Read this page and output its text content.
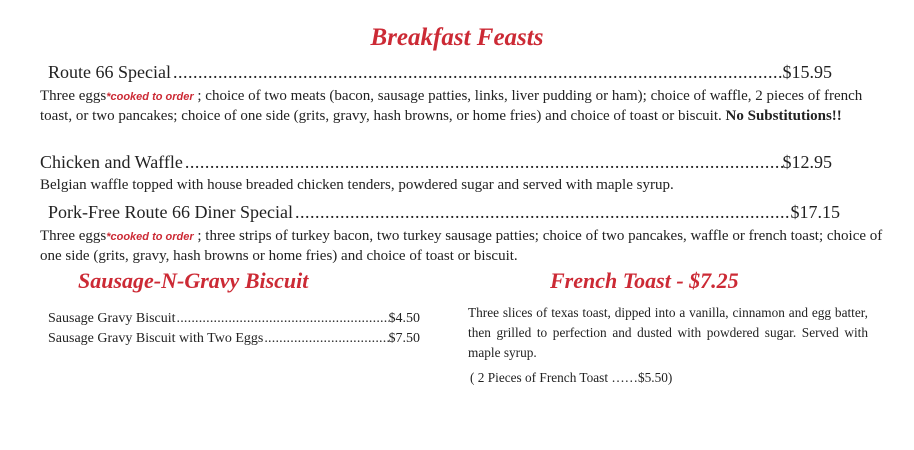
Breakfast Feasts
Route 66 Special .....	$15.95
Three eggs*cooked to order ; choice of two meats (bacon, sausage patties, links, liver pudding or ham); choice of waffle, 2 pieces of french toast, or two pancakes; choice of one side (grits, gravy, hash browns, or home fries) and choice of toast or biscuit. No Substitutions!!
Chicken and Waffle .....	$12.95
Belgian waffle topped with house breaded chicken tenders, powdered sugar and served with maple syrup.
Pork-Free Route 66 Diner Special .....	$17.15
Three eggs*cooked to order ; three strips of turkey bacon, two turkey sausage patties; choice of two pancakes, waffle or french toast; choice of one side (grits, gravy, hash browns or home fries) and choice of toast or biscuit.
Sausage-N-Gravy Biscuit
Sausage Gravy Biscuit .....	$4.50
Sausage Gravy Biscuit with Two Eggs .....	$7.50
French Toast - $7.25
Three slices of texas toast, dipped into a vanilla, cinnamon and egg batter, then grilled to perfection and dusted with powdered sugar. Served with maple syrup.
( 2 Pieces of French Toast ……$5.50)
